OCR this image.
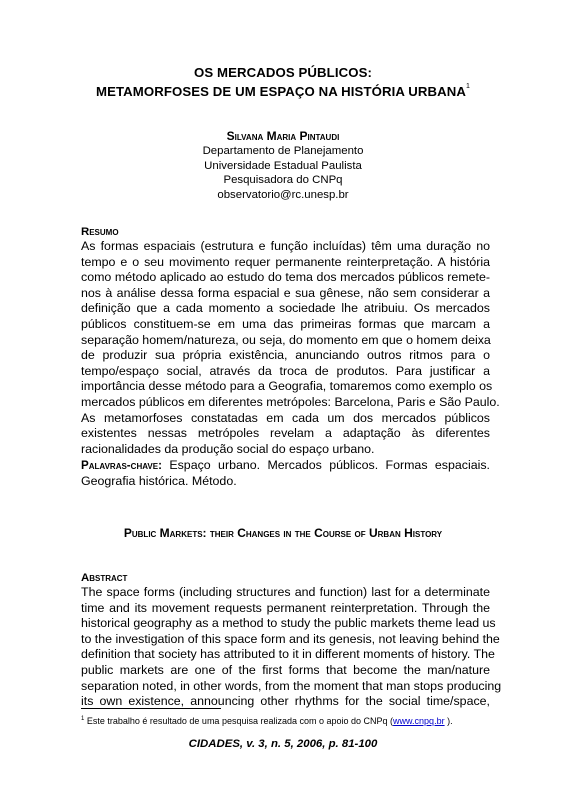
OS MERCADOS PÚBLICOS:
METAMORFOSES DE UM ESPAÇO NA HISTÓRIA URBANA$^1$
Silvana Maria Pintaudi
Departamento de Planejamento
Universidade Estadual Paulista
Pesquisadora do CNPq
observatorio@rc.unesp.br
Resumo
As formas espaciais (estrutura e função incluídas) têm uma duração no
tempo e o seu movimento requer permanente reinterpretação. A história
como método aplicado ao estudo do tema dos mercados públicos remete-
nos à análise dessa forma espacial e sua gênese, não sem considerar a
definição que a cada momento a sociedade lhe atribuiu. Os mercados
públicos constituem-se em uma das primeiras formas que marcam a
separação homem/natureza, ou seja, do momento em que o homem deixa
de produzir sua própria existência, anunciando outros ritmos para o
tempo/espaço social, através da troca de produtos. Para justificar a
importância desse método para a Geografia, tomaremos como exemplo os
mercados públicos em diferentes metrópoles: Barcelona, Paris e São Paulo.
As metamorfoses constatadas em cada um dos mercados públicos
existentes nessas metrópoles revelam a adaptação às diferentes
racionalidades da produção social do espaço urbano.
Palavras-chave: Espaço urbano. Mercados públicos. Formas espaciais.
Geografia histórica. Método.
Public Markets: their Changes in the Course of Urban History
Abstract
The space forms (including structures and function) last for a determinate
time and its movement requests permanent reinterpretation. Through the
historical geography as a method to study the public markets theme lead us
to the investigation of this space form and its genesis, not leaving behind the
definition that society has attributed to it in different moments of history. The
public markets are one of the first forms that become the man/nature
separation noted, in other words, from the moment that man stops producing
its own existence, announcing other rhythms for the social time/space,
$^1$ Este trabalho é resultado de uma pesquisa realizada com o apoio do CNPq (www.cnpq.br ).
CIDADES, v. 3, n. 5, 2006, p. 81-100
